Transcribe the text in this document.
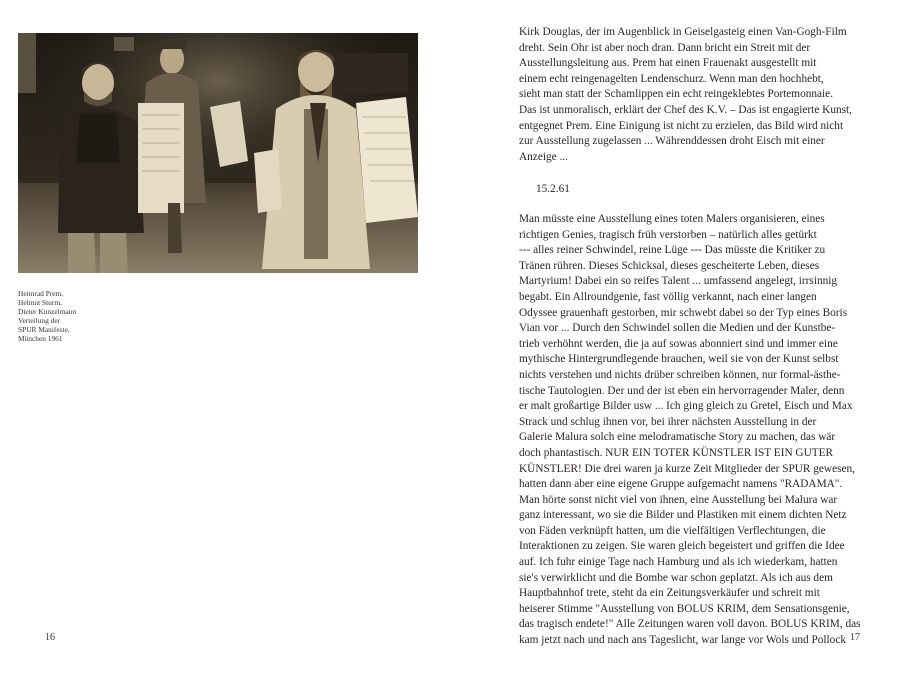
Heimrad Prem,
Helmut Sturm,
Dieter Kunzelmann
Verteilung der
SPUR Manifeste,
München 1961
16
Kirk Douglas, der im Augenblick in Geiselgasteig einen Van-Gogh-Film
dreht. Sein Ohr ist aber noch dran. Dann bricht ein Streit mit der
Ausstellungsleitung aus. Prem hat einen Frauenakt ausgestellt mit
einem echt reingenagelten Lendenschurz. Wenn man den hochhebt,
sieht man statt der Schamlippen ein echt reingeklebtes Portemonnaie.
Das ist unmoralisch, erklärt der Chef des K.V. – Das ist engagierte Kunst,
entgegnet Prem. Eine Einigung ist nicht zu erzielen, das Bild wird nicht
zur Ausstellung zugelassen ... Währenddessen droht Eisch mit einer
Anzeige ...
15.2.61
Man müsste eine Ausstellung eines toten Malers organisieren, eines
richtigen Genies, tragisch früh verstorben – natürlich alles getürkt
--- alles reiner Schwindel, reine Lüge --- Das müsste die Kritiker zu
Tränen rühren. Dieses Schicksal, dieses gescheiterte Leben, dieses
Martyrium! Dabei ein so reifes Talent ... umfassend angelegt, irrsinnig
begabt. Ein Allroundgenie, fast völlig verkannt, nach einer langen
Odyssee grauenhaft gestorben, mir schwebt dabei so der Typ eines Boris
Vian vor ... Durch den Schwindel sollen die Medien und der Kunstbe-
trieb verhöhnt werden, die ja auf sowas abonniert sind und immer eine
mythische Hintergrundlegende brauchen, weil sie von der Kunst selbst
nichts verstehen und nichts drüber schreiben können, nur formal-ästhe-
tische Tautologien. Der und der ist eben ein hervorragender Maler, denn
er malt großartige Bilder usw ... Ich ging gleich zu Gretel, Eisch und Max
Strack und schlug ihnen vor, bei ihrer nächsten Ausstellung in der
Galerie Malura solch eine melodramatische Story zu machen, das wär
doch phantastisch. NUR EIN TOTER KÜNSTLER IST EIN GUTER
KÜNSTLER! Die drei waren ja kurze Zeit Mitglieder der SPUR gewesen,
hatten dann aber eine eigene Gruppe aufgemacht namens "RADAMA".
Man hörte sonst nicht viel von ihnen, eine Ausstellung bei Malura war
ganz interessant, wo sie die Bilder und Plastiken mit einem dichten Netz
von Fäden verknüpft hatten, um die vielfältigen Verflechtungen, die
Interaktionen zu zeigen. Sie waren gleich begeistert und griffen die Idee
auf. Ich fuhr einige Tage nach Hamburg und als ich wiederkam, hatten
sie's verwirklicht und die Bombe war schon geplatzt. Als ich aus dem
Hauptbahnhof trete, steht da ein Zeitungsverkäufer und schreit mit
heiserer Stimme "Ausstellung von BOLUS KRIM, dem Sensationsgenie,
das tragisch endete!" Alle Zeitungen waren voll davon. BOLUS KRIM, das
kam jetzt nach und nach ans Tageslicht, war lange vor Wols und Pollock 17
